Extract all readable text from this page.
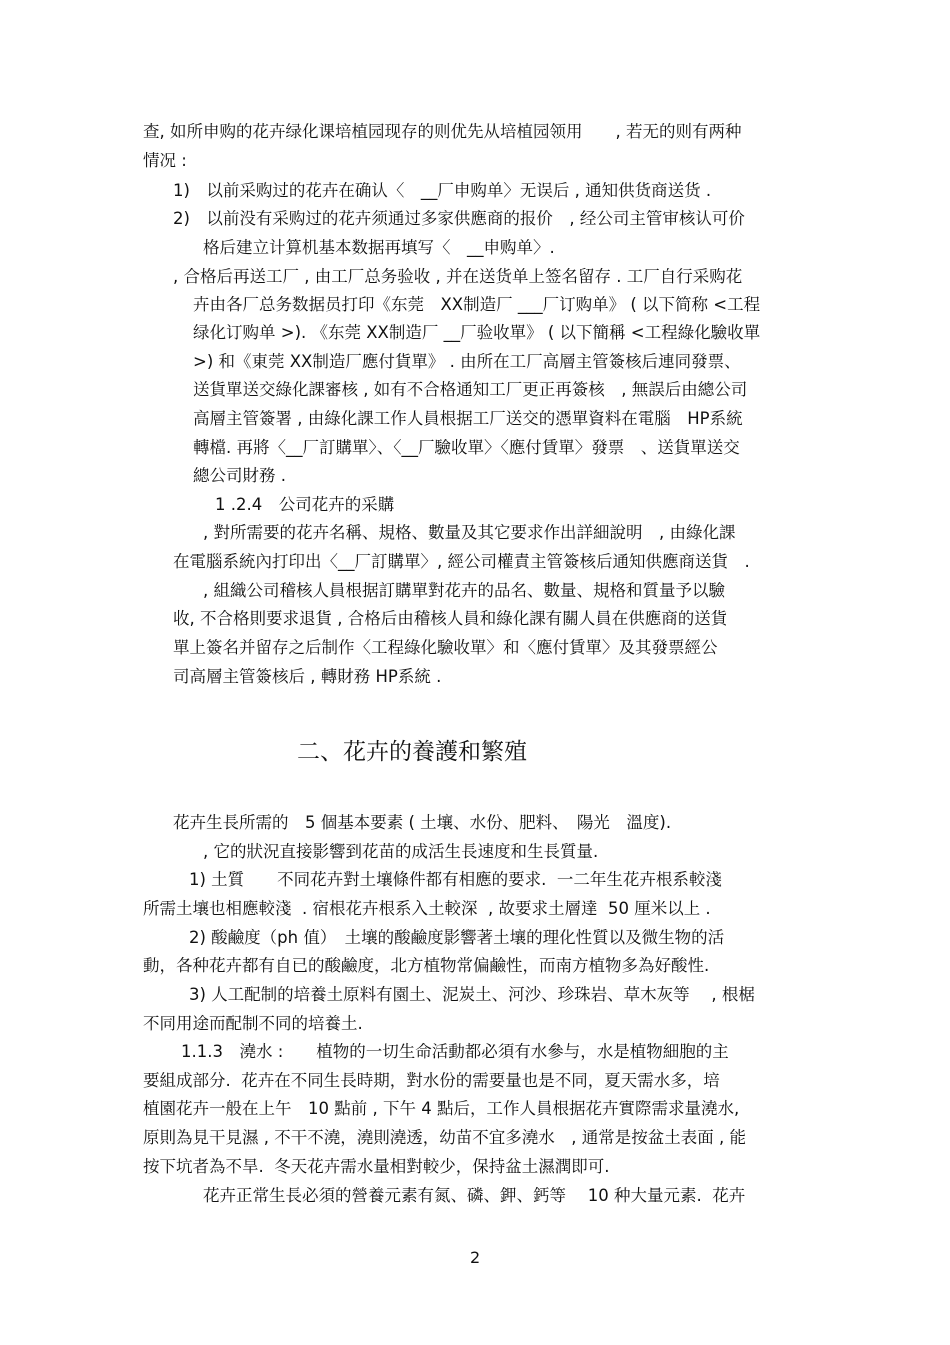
查, 如所申购的花卉绿化课培植园现存的则优先从培植园领用　　, 若无的则有两种
情况 :
1)　以前采购过的花卉在确认〈　__厂申购单〉无误后 , 通知供货商送货 .
2)　以前没有采购过的花卉须通过多家供應商的报价　, 经公司主管审核认可价
格后建立计算机基本数据再填写〈　__申购单〉.
, 合格后再送工厂 , 由工厂总务验收 , 并在送货单上签名留存 . 工厂自行采购花
卉由各厂总务数据员打印《东莞　XX制造厂 ___厂订购单》 ( 以下简称 <工程
绿化订购单 >). 《东莞 XX制造厂 __厂验收單》 ( 以下簡稱 <工程綠化驗收單
>) 和《東莞 XX制造厂應付貨單》 . 由所在工厂高層主管簽核后連同發票、
送貨單送交綠化課審核 , 如有不合格通知工厂更正再簽核　, 無誤后由總公司
高層主管簽署 , 由綠化課工作人員根据工厂送交的憑單資料在電腦　HP系統
轉檔. 再將〈__厂訂購單〉、〈__厂驗收單〉〈應付賃單〉發票　、送貨單送交
總公司財務 .
1 .2.4　公司花卉的采購
, 對所需要的花卉名稱、規格、數量及其它要求作出詳細說明　, 由綠化課
在電腦系統內打印出〈__厂訂購單〉, 經公司權責主管簽核后通知供應商送貨　.
, 組織公司稽核人員根据訂購單對花卉的品名、數量、規格和質量予以驗
收, 不合格則要求退貨 , 合格后由稽核人員和綠化課有關人員在供應商的送貨
單上簽名并留存之后制作〈工程綠化驗收單〉和〈應付賃單〉及其發票經公
司高層主管簽核后 , 轉財務 HP系統 .
二、花卉的養護和繁殖
花卉生長所需的　5 個基本要素 ( 土壤、水份、肥料、　陽光　溫度).
, 它的狀況直接影響到花苗的成活生長速度和生長質量.
1) 土質　　不同花卉對土壤條件都有相應的要求.  一二年生花卉根系較淺
所需土壤也相應較淺  . 宿根花卉根系入土較深  , 故要求土層達  50 厘米以上 .
2) 酸鹼度（ph 值）　土壤的酸鹼度影響著土壤的理化性質以及微生物的活
動，各种花卉都有自已的酸鹼度，北方植物常偏鹼性，而南方植物多為好酸性.
3) 人工配制的培養土原料有園土、泥炭土、河沙、珍珠岩、草木灰等　 , 根椐
不同用途而配制不同的培養土.
1.1.3　澆水 :　　植物的一切生命活動都必須有水參与，水是植物細胞的主
要組成部分.  花卉在不同生長時期，對水份的需要量也是不同，夏天需水多，培
植園花卉一般在上午　10 點前 , 下午 4 點后，工作人員根据花卉實際需求量澆水,
原則為見干見濕 , 不干不澆，澆則澆透，幼苗不宜多澆水　, 通常是按盆土表面 , 能
按下坑者為不旱.  冬天花卉需水量相對較少，保持盆土濕潤即可.
花卉正常生長必須的營養元素有氮、磷、鉀、鈣等　 10 种大量元素.  花卉
2
